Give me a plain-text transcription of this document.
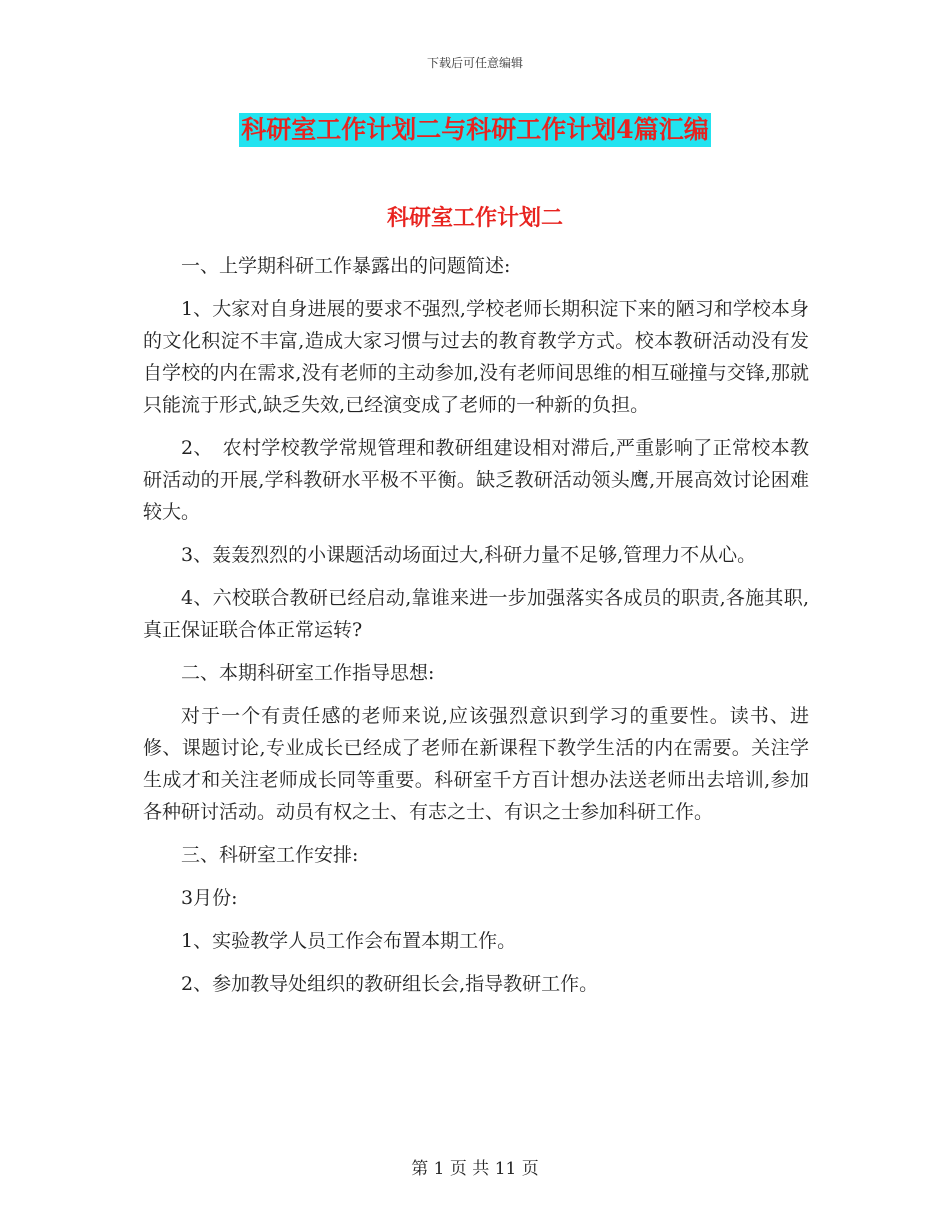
下载后可任意编辑
科研室工作计划二与科研工作计划4篇汇编
科研室工作计划二

一、上学期科研工作暴露出的问题简述:

1、大家对自身进展的要求不强烈,学校老师长期积淀下来的陋习和学校本身的文化积淀不丰富,造成大家习惯与过去的教育教学方式。校本教研活动没有发自学校的内在需求,没有老师的主动参加,没有老师间思维的相互碰撞与交锋,那就只能流于形式,缺乏失效,已经演变成了老师的一种新的负担。

2、　农村学校教学常规管理和教研组建设相对滞后,严重影响了正常校本教研活动的开展,学科教研水平极不平衡。缺乏教研活动领头鹰,开展高效讨论困难较大。

3、轰轰烈烈的小课题活动场面过大,科研力量不足够,管理力不从心。

4、六校联合教研已经启动,靠谁来进一步加强落实各成员的职责,各施其职,真正保证联合体正常运转?

二、本期科研室工作指导思想:

对于一个有责任感的老师来说,应该强烈意识到学习的重要性。读书、进修、课题讨论,专业成长已经成了老师在新课程下教学生活的内在需要。关注学生成才和关注老师成长同等重要。科研室千方百计想办法送老师出去培训,参加各种研讨活动。动员有权之士、有志之士、有识之士参加科研工作。

三、科研室工作安排:

3月份:

1、实验教学人员工作会布置本期工作。

2、参加教导处组织的教研组长会,指导教研工作。

第 1 页 共 11 页
